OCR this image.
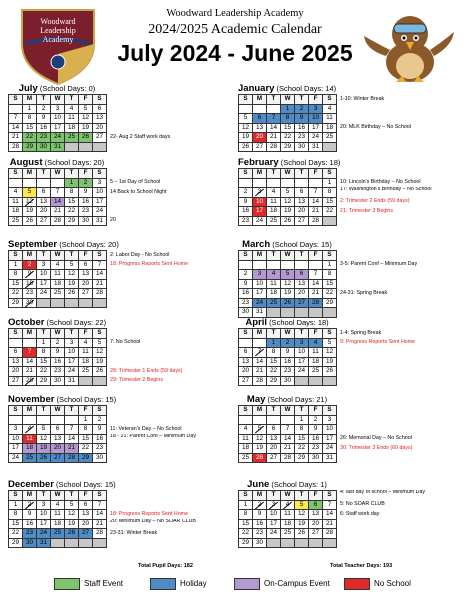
Woodward
Leadership
Academy
Woodward Leadership Academy
2024/2025 Academic Calendar
July 2024 - June 2025
July (School Days: 0)
S	M	T	W	T	F	S
	1	2	3	4	5	6
7	8	9	10	11	12	13
14	15	16	17	18	19	20
21	22	23	24	25	26	27
28	29	30	31			
22- Aug 2 Staff work days
January (School Days: 14)
S	M	T	W	T	F	S
			1	2	3	4
5	6	7	8	9	10	11
12	13	14	15	16	17	18
19	20	21	22	23	24	25
26	27	28	29	30	31	
1-10: Winter Break
20: MLK Birthday – No School
August (School Days: 20)
S	M	T	W	T	F	S
				1	2	3
4	5	6	7	8	9	10
11	12	13	14	15	16	17
18	19	20	21	22	23	24
25	26	27	28	29	30	31
5 – 1st Day of School
14 Back to School Night
20
February (School Days: 18)
S	M	T	W	T	F	S
						1
2	3	4	5	6	7	8
9	10	11	12	13	14	15
16	17	18	19	20	21	22
23	24	25	26	27	28	
10: Lincoln's Birthday – No School
17: Washington's Birthday – No School
2: Trimester 2 Ends (59 days)
21: Trimester 3 Begins
September (School Days: 20)
S	M	T	W	T	F	S
1	2	3	4	5	6	7
8	9	10	11	12	13	14
15	16	17	18	19	20	21
22	23	24	25	26	27	28
29	30					
2: Labor Day - No School
18: Progress Reports Sent Home
March (School Days: 15)
S	M	T	W	T	F	S
						1
2	3	4	5	6	7	8
9	10	11	12	13	14	15
16	17	18	19	20	21	22
23	24	25	26	27	28	29
30	31					
3-5: Parent Conf – Minimum Day
24-31: Spring Break
October (School Days: 22)
S	M	T	W	T	F	S
		1	2	3	4	5
6	7	8	9	10	11	12
13	14	15	16	17	18	19
20	21	22	23	24	25	26
27	28	29	30	31		
7: No School
28: Trimester 1 Ends (59 days)
29: Trimester 2 Begins
April (School Days: 18)
S	M	T	W	T	F	S
		1	2	3	4	5
6	7	8	9	10	11	12
13	14	15	16	17	18	19
20	21	22	23	24	25	26
27	28	29	30			
1-4: Spring Break
9: Progress Reports Sent Home
November (School Days: 15)
S	M	T	W	T	F	S
					1	2
3	4	5	6	7	8	9
10	11	12	13	14	15	16
17	18	19	20	21	22	23
24	25	26	27	28	29	30
11: Veteran's Day – No School
18 - 21: Parent Conf – Minimum Day
May (School Days: 21)
S	M	T	W	T	F	S
				1	2	3
4	5	6	7	8	9	10
11	12	13	14	15	16	17
18	19	20	21	22	23	24
25	26	27	28	29	30	31
26: Memorial Day – No School
30: Trimester 3 Ends (60 days)
December (School Days: 15)
S	M	T	W	T	F	S
1	2	3	4	5	6	7
8	9	10	11	12	13	14
15	16	17	18	19	20	21
22	23	24	25	26	27	28
29	30	31				
18: Progress Reports Sent Home
20: Minimum Day – No SOAR CLUB
23-31: Winter Break
June (School Days: 1)
S	M	T	W	T	F	S
1	2	3	4	5	6	7
8	9	10	11	12	13	14
15	16	17	18	19	20	21
22	23	24	25	26	27	28
29	30					
4: last day of school – Minimum Day
5: No SOAR CLUB
6: Staff work day
Total Pupil Days: 182	Total Teacher Days: 193
Staff Event	Holiday	On-Campus Event	No School
